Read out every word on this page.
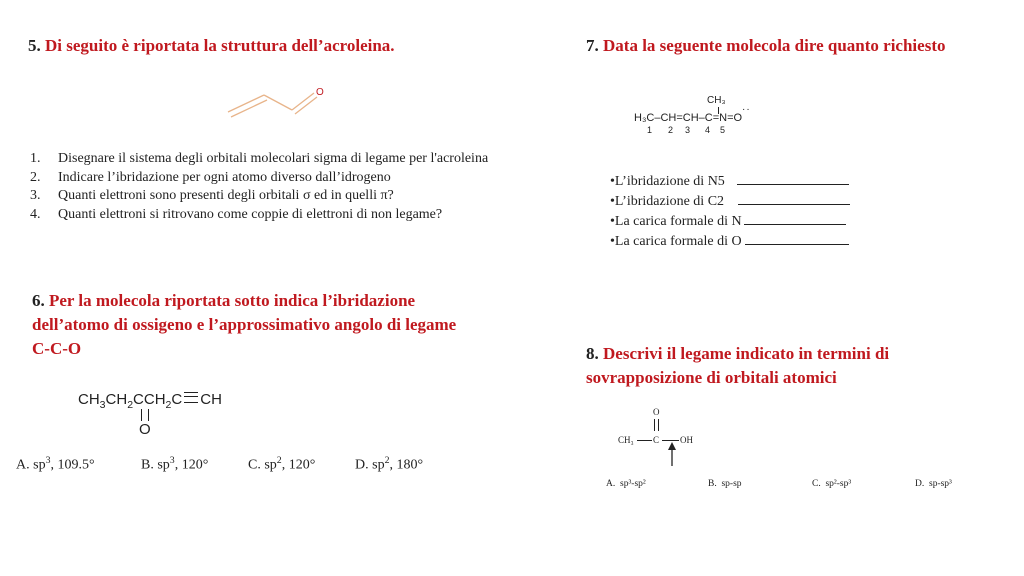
5. Di seguito è riportata la struttura dell’acroleina.
O
1. Disegnare il sistema degli orbitali molecolari sigma di legame per l'acroleina
2. Indicare l’ibridazione per ogni atomo diverso dall’idrogeno
3. Quanti elettroni sono presenti degli orbitali σ ed in quelli π?
4. Quanti elettroni si ritrovano come coppie di elettroni di non legame?
6. Per la molecola riportata sotto indica l’ibridazione
dell’atomo di ossigeno e l’approssimativo angolo di legame
C-C-O
$CH_3CH_2CCH_2C$ CH
O
A. $sp^3$, 109.5°	B. $sp^3$, 120°	C. $sp^2$, 120°	D. $sp^2$, 180°
7. Data la seguente molecola dire quanto richiesto
CH₃
··
H₃C–CH=CH–C=N=O
1 2 3 4 5
•L’ibridazione di N5
•L’ibridazione di C2
•La carica formale di N
•La carica formale di O
8. Descrivi il legame indicato in termini di
sovrapposizione di orbitali atomici
O
CH₃ C OH
A. sp³-sp²	B. sp-sp	C. sp²-sp³	D. sp-sp³
